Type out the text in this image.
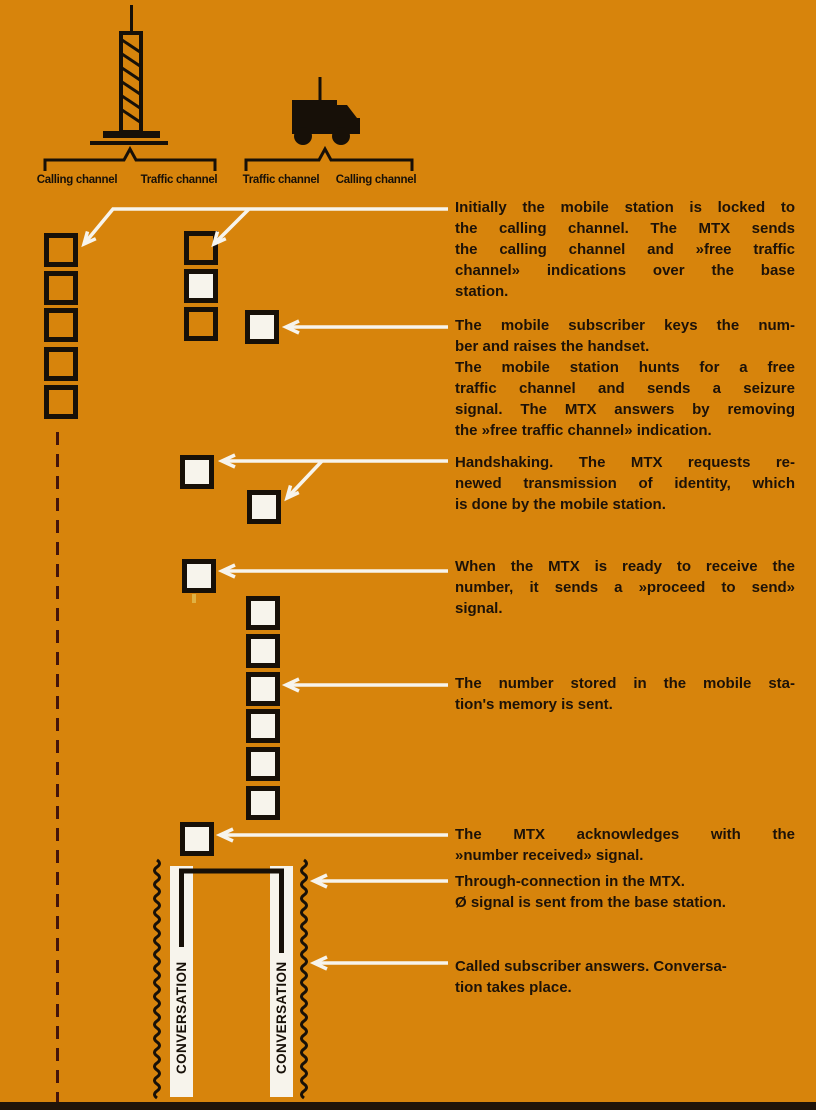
Calling channel	Traffic channel	Traffic channel	Calling channel
Initially the mobile station is locked to
the calling channel. The MTX sends
the calling channel and »free traffic
channel» indications over the base
station.
The mobile subscriber keys the num-
ber and raises the handset.
The mobile station hunts for a free
traffic channel and sends a seizure
signal. The MTX answers by removing
the »free traffic channel» indication.
Handshaking. The MTX requests re-
newed transmission of identity, which
is done by the mobile station.
When the MTX is ready to receive the
number, it sends a »proceed to send»
signal.
The number stored in the mobile sta-
tion's memory is sent.
The MTX acknowledges with the
»number received» signal.
Through-connection in the MTX.
Ø signal is sent from the base station.
Called subscriber answers. Conversa-
tion takes place.
CONVERSATION	CONVERSATION
